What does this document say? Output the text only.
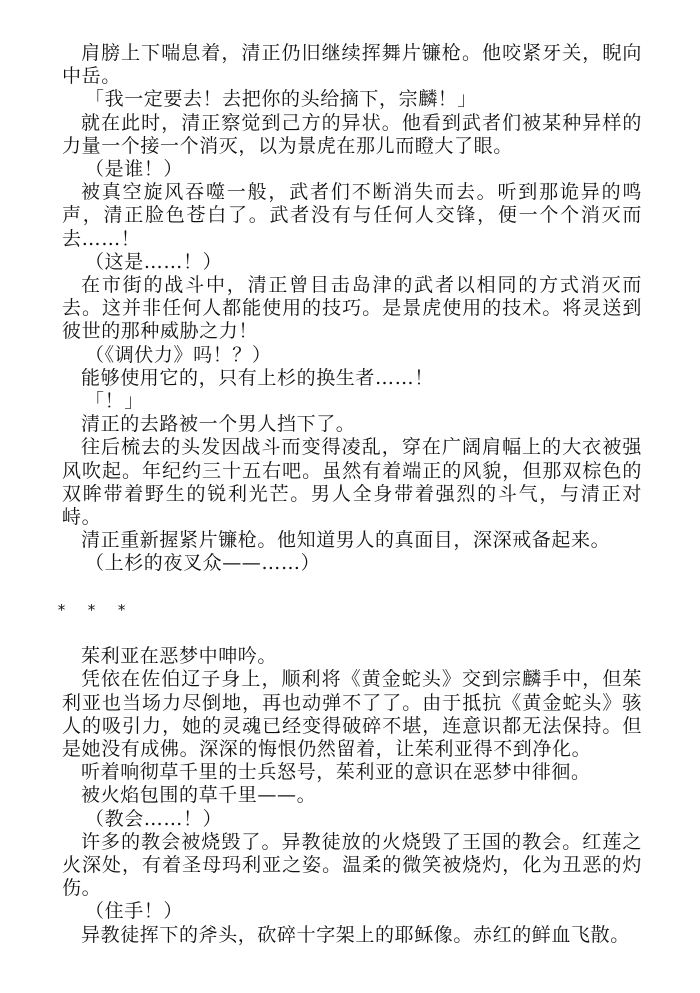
肩膀上下喘息着，清正仍旧继续挥舞片镰枪。他咬紧牙关，睨向中岳。

「我一定要去！去把你的头给摘下，宗麟！」

就在此时，清正察觉到己方的异状。他看到武者们被某种异样的力量一个接一个消灭，以为景虎在那儿而瞪大了眼。

（是谁！）

被真空旋风吞噬一般，武者们不断消失而去。听到那诡异的鸣声，清正脸色苍白了。武者没有与任何人交锋，便一个个消灭而去……！

（这是……！）

在市街的战斗中，清正曾目击岛津的武者以相同的方式消灭而去。这并非任何人都能使用的技巧。是景虎使用的技术。将灵送到彼世的那种威胁之力！

（《调伏力》吗！？）

能够使用它的，只有上杉的换生者……！

「！」

清正的去路被一个男人挡下了。

往后梳去的头发因战斗而变得凌乱，穿在广阔肩幅上的大衣被强风吹起。年纪约三十五右吧。虽然有着端正的风貌，但那双棕色的双眸带着野生的锐利光芒。男人全身带着强烈的斗气，与清正对峙。

清正重新握紧片镰枪。他知道男人的真面目，深深戒备起来。

（上杉的夜叉众——……）

* * *

茱利亚在恶梦中呻吟。

凭依在佐伯辽子身上，顺利将《黄金蛇头》交到宗麟手中，但茱利亚也当场力尽倒地，再也动弹不了了。由于抵抗《黄金蛇头》骇人的吸引力，她的灵魂已经变得破碎不堪，连意识都无法保持。但是她没有成佛。深深的悔恨仍然留着，让茱利亚得不到净化。

听着响彻草千里的士兵怒号，茱利亚的意识在恶梦中徘徊。

被火焰包围的草千里——。

（教会……！）

许多的教会被烧毁了。异教徒放的火烧毁了王国的教会。红莲之火深处，有着圣母玛利亚之姿。温柔的微笑被烧灼，化为丑恶的灼伤。

（住手！）

异教徒挥下的斧头，砍碎十字架上的耶稣像。赤红的鲜血飞散。
